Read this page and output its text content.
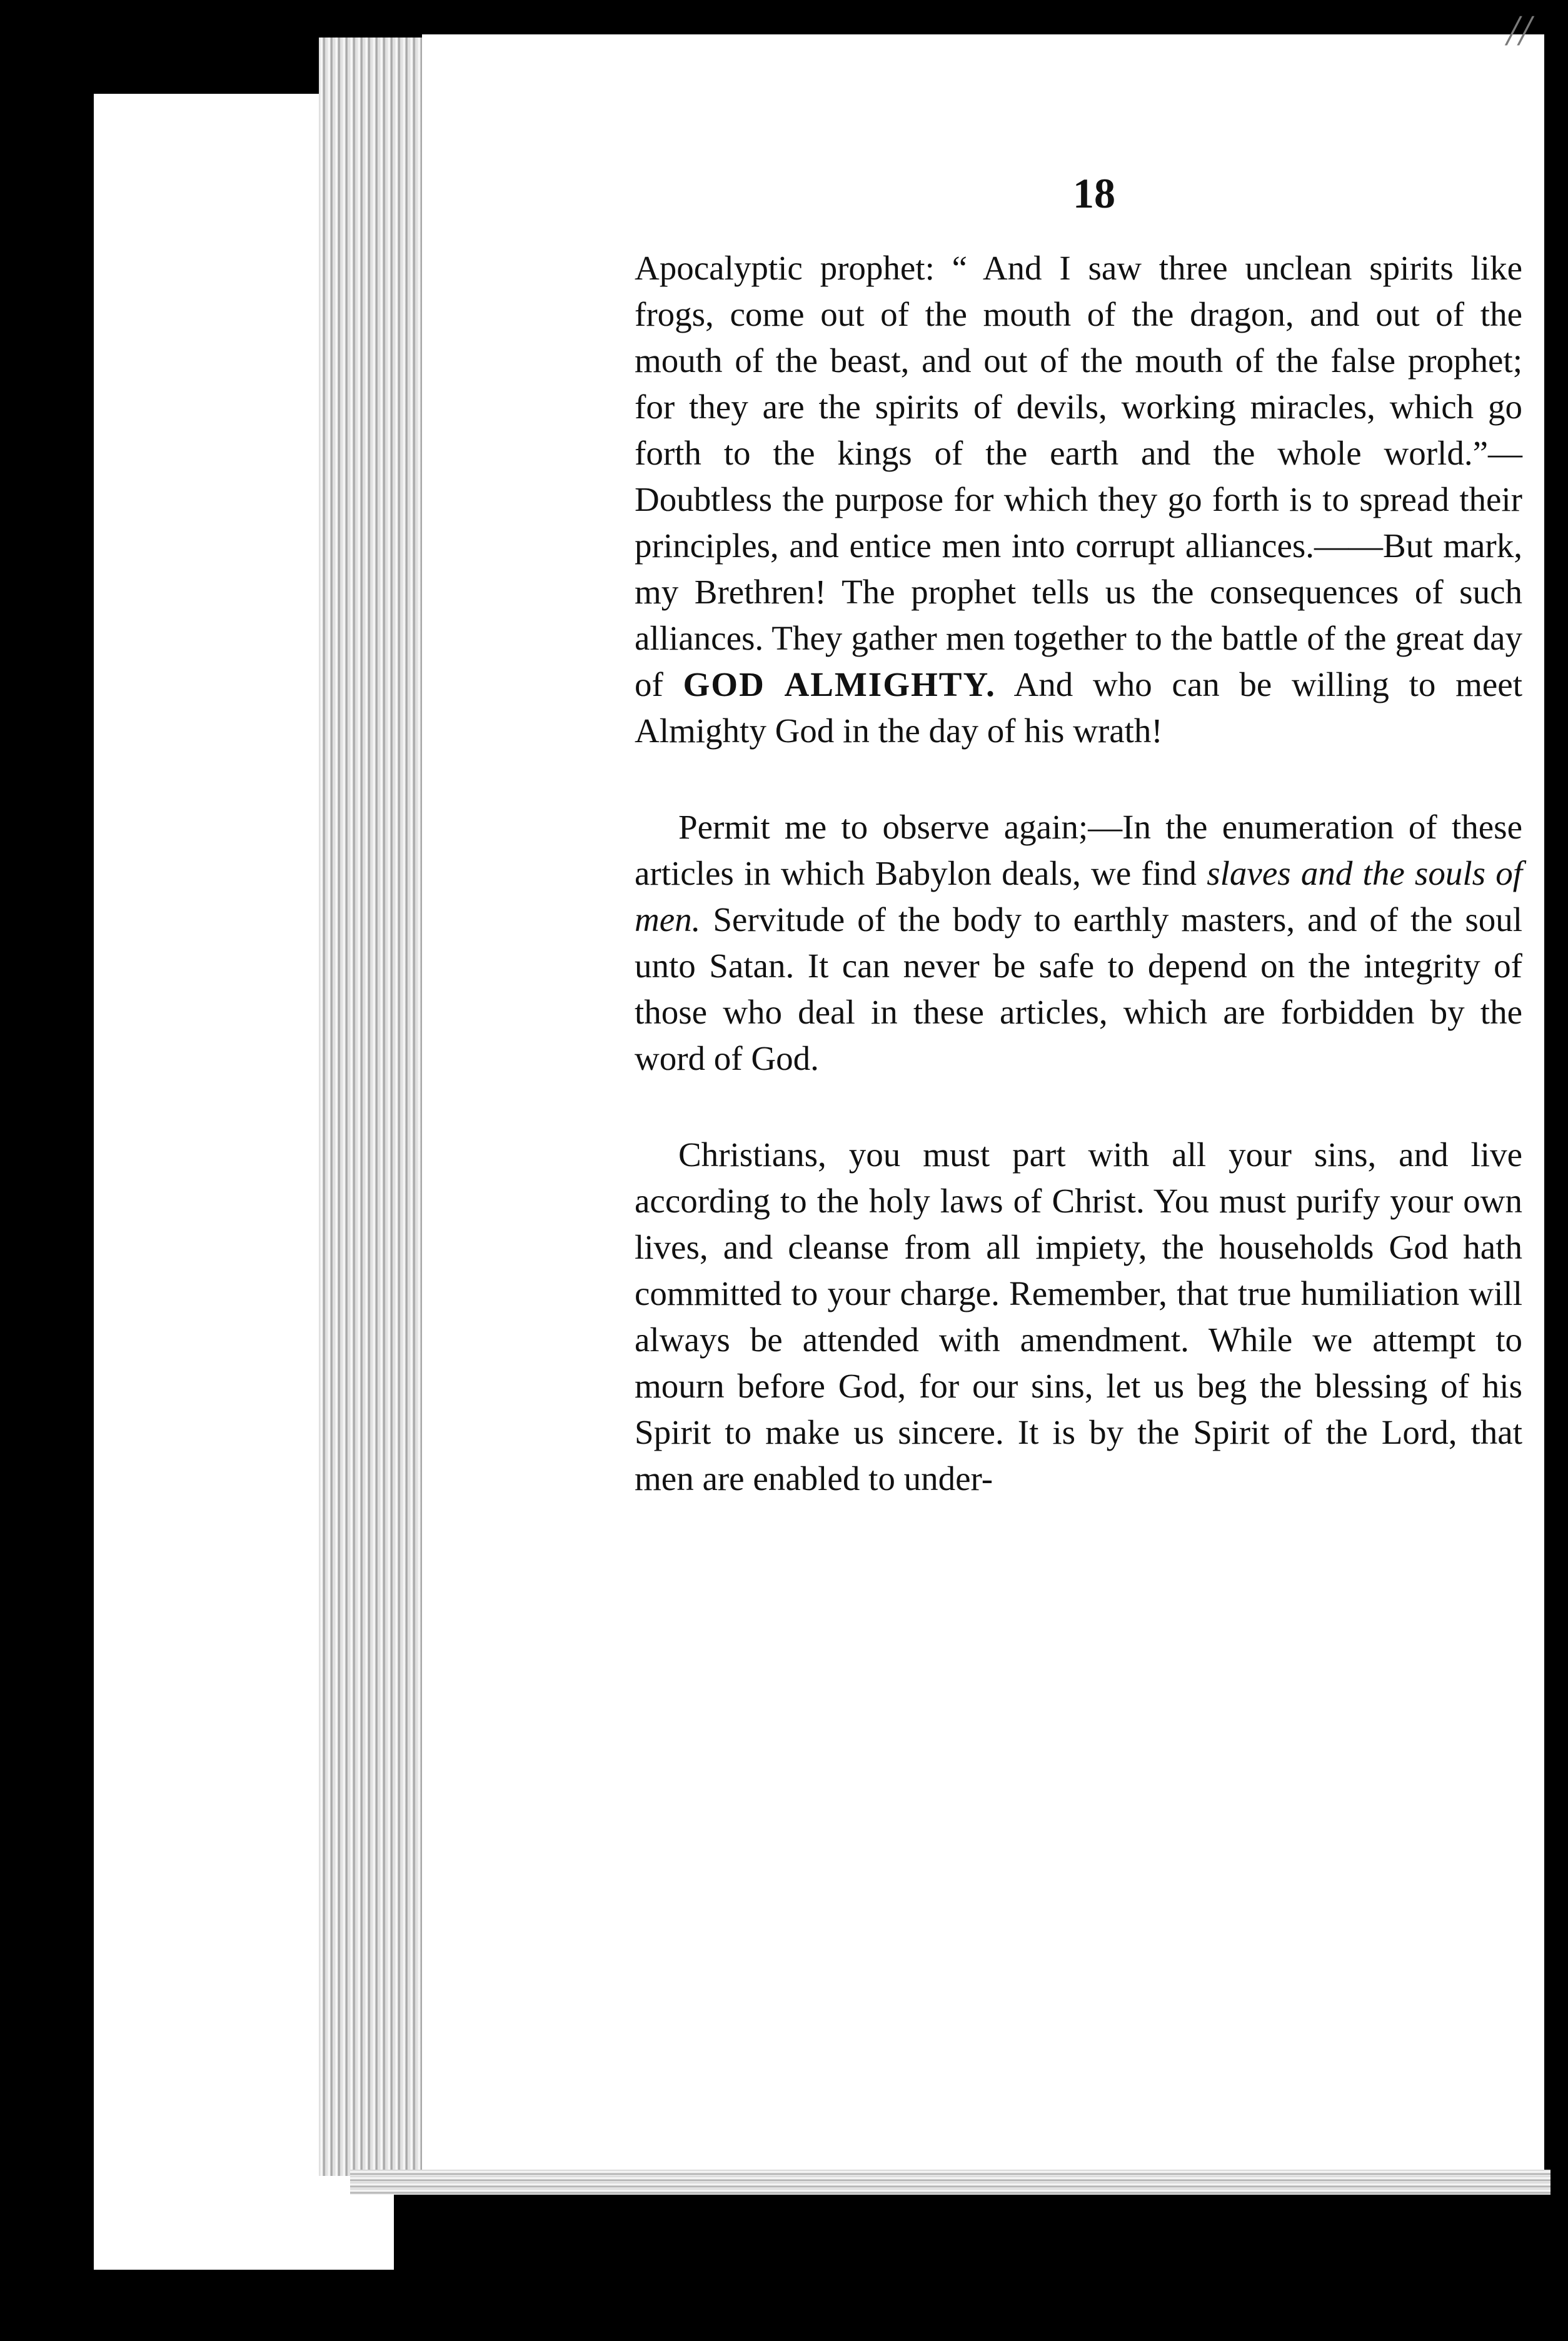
//
18

Apocalyptic prophet: “ And I saw three unclean spirits like frogs, come out of the mouth of the dragon, and out of the mouth of the beast, and out of the mouth of the false prophet; for they are the spirits of devils, working miracles, which go forth to the kings of the earth and the whole world.”— Doubtless the purpose for which they go forth is to spread their principles, and entice men into corrupt alliances.——But mark, my Brethren! The prophet tells us the consequences of such alliances. They gather men together to the battle of the great day of GOD ALMIGHTY. And who can be willing to meet Almighty God in the day of his wrath!

Permit me to observe again;—In the enumeration of these articles in which Babylon deals, we find slaves and the souls of men. Servitude of the body to earthly masters, and of the soul unto Satan. It can never be safe to depend on the integrity of those who deal in these articles, which are forbidden by the word of God.

Christians, you must part with all your sins, and live according to the holy laws of Christ. You must purify your own lives, and cleanse from all impiety, the households God hath committed to your charge. Remember, that true humiliation will always be attended with amendment. While we attempt to mourn before God, for our sins, let us beg the blessing of his Spirit to make us sincere. It is by the Spirit of the Lord, that men are enabled to under-
